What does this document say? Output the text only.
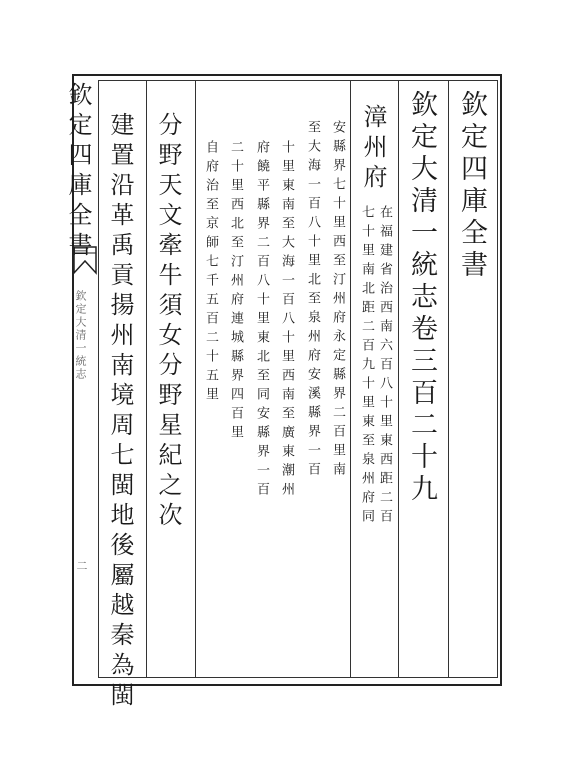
欽定四庫全書
欽定大清一統志
二
欽定四庫全書
欽定大清一統志卷三百二十九
漳州府
在福建省治西南六百八十里東西距二百
七十里南北距二百九十里東至泉州府同
安縣界七十里西至汀州府永定縣界二百里南
至大海一百八十里北至泉州府安溪縣界一百
十里東南至大海一百八十里西南至廣東潮州
府饒平縣界二百八十里東北至同安縣界一百
二十里西北至汀州府連城縣界四百里
自府治至京師七千五百二十五里
分野天文牽牛須女分野星紀之次
建置沿革禹貢揚州南境周七閩地後屬越秦為閩
